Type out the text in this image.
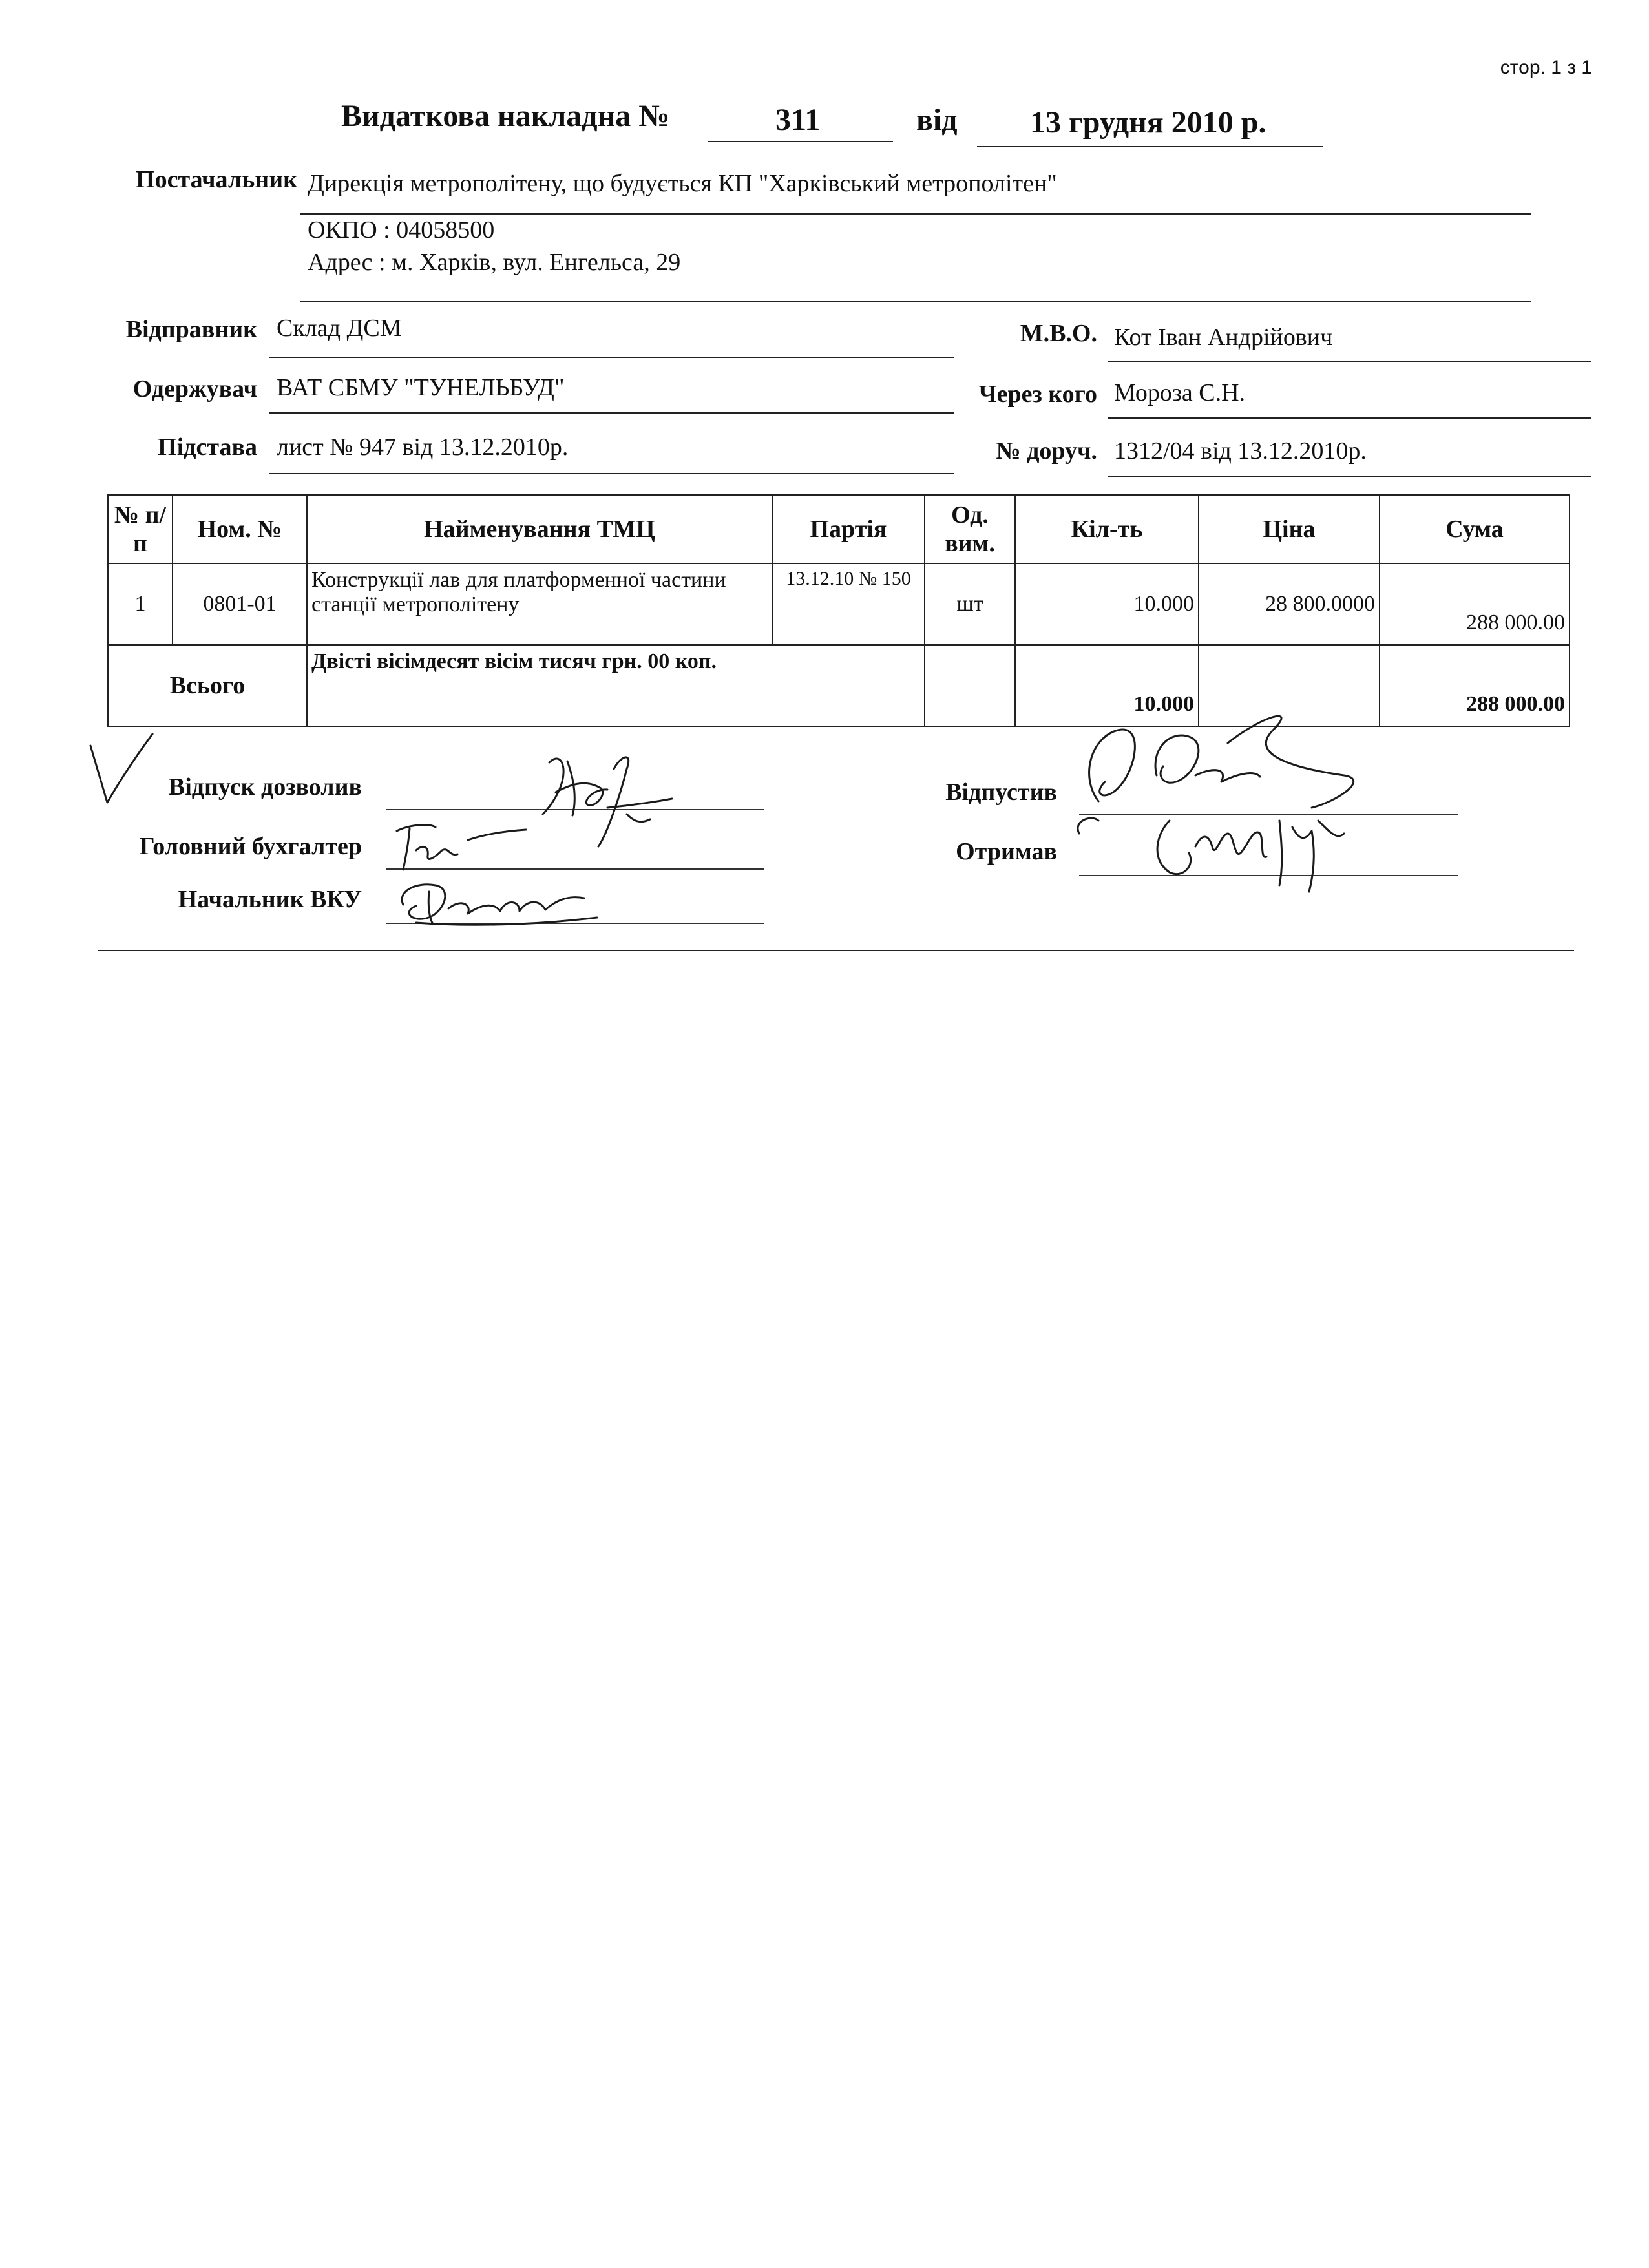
стор. 1 з 1
Видаткова накладна №	311	від 13 грудня 2010 р.
Постачальник Дирекція метрополітену, що будується КП "Харківський метрополітен"
ОКПО : 04058500
Адрес : м. Харків, вул. Енгельса, 29
Відправник Склад ДСМ
Одержувач ВАТ СБМУ "ТУНЕЛЬБУД"
Підстава лист № 947 від 13.12.2010р.
М.В.О. Кот Іван Андрійович
Через кого Мороза С.Н.
№ доруч. 1312/04 від 13.12.2010р.
№ п/п	Ном. №	Найменування ТМЦ	Партія	Од. вим.	Кіл-ть	Ціна	Сума
1	0801-01	Конструкції лав для платформенної частини станції метрополітену	13.12.10 № 150	шт	10.000	28 800.0000	288 000.00
Всього		Двісті вісімдесят вісім тисяч грн. 00 коп.			10.000		288 000.00
Відпуск дозволив
Головний бухгалтер
Начальник ВКУ
Відпустив
Отримав
